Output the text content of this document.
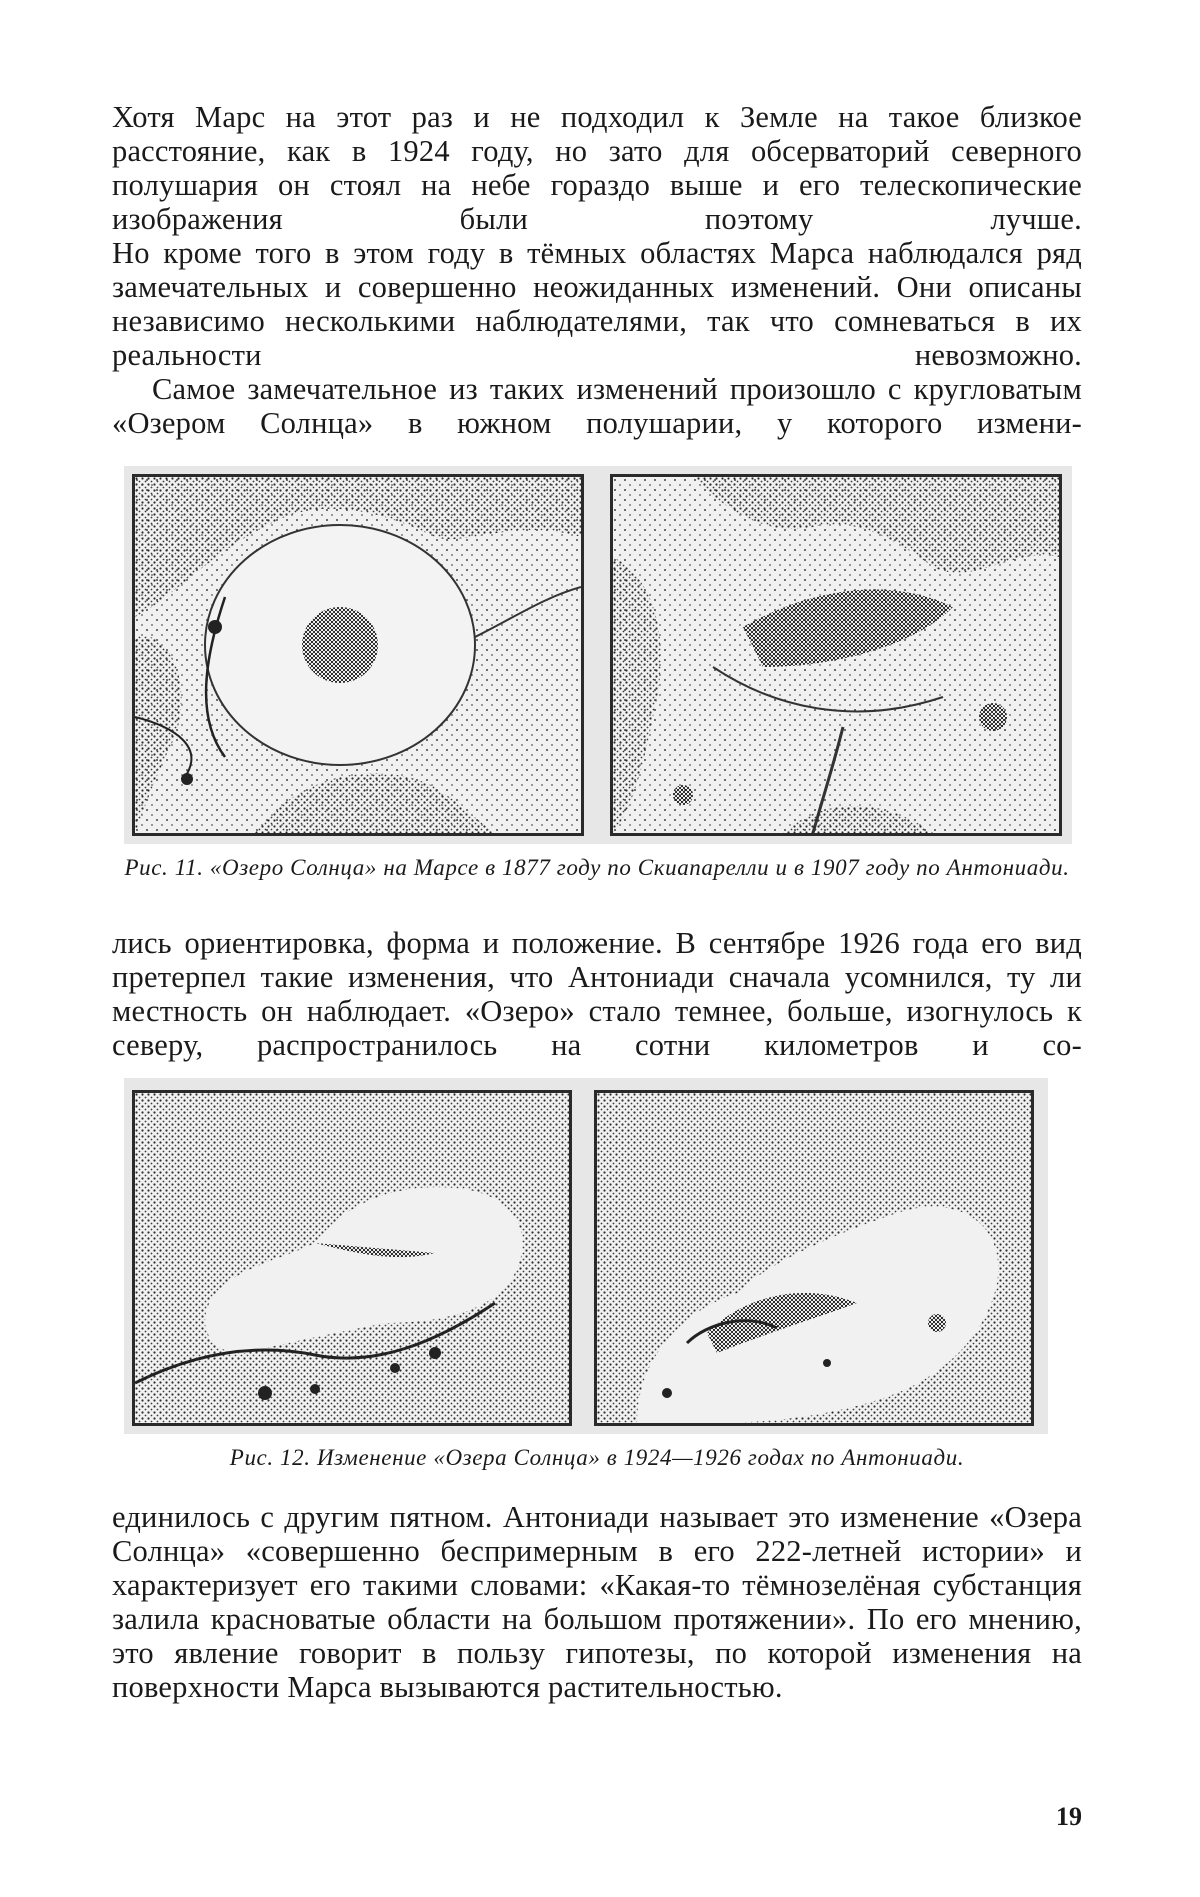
Хотя Марс на этот раз и не подходил к Земле на такое близкое расстояние, как в 1924 году, но зато для обсерваторий северного полушария он стоял на небе гораздо выше и его телескопические изображения были поэтому лучше.

Но кроме того в этом году в тёмных областях Марса наблюдался ряд замечательных и совершенно неожиданных изменений. Они описаны независимо несколькими наблюдателями, так что сомневаться в их реальности невозможно.

Самое замечательное из таких изменений произошло с кругловатым «Озером Солнца» в южном полушарии, у которого измени-

Рис. 11. «Озеро Солнца» на Марсе в 1877 году по Скиапарелли и в 1907 году по Антониади.

лись ориентировка, форма и положение. В сентябре 1926 года его вид претерпел такие изменения, что Антониади сначала усомнился, ту ли местность он наблюдает. «Озеро» стало темнее, больше, изогнулось к северу, распространилось на сотни километров и со-

Рис. 12. Изменение «Озера Солнца» в 1924—1926 годах по Антониади.

единилось с другим пятном. Антониади называет это изменение «Озера Солнца» «совершенно беспримерным в его 222-летней истории» и характеризует его такими словами: «Какая-то тёмнозелёная субстанция залила красноватые области на большом протяжении». По его мнению, это явление говорит в пользу гипотезы, по которой изменения на поверхности Марса вызываются растительностью.

19
